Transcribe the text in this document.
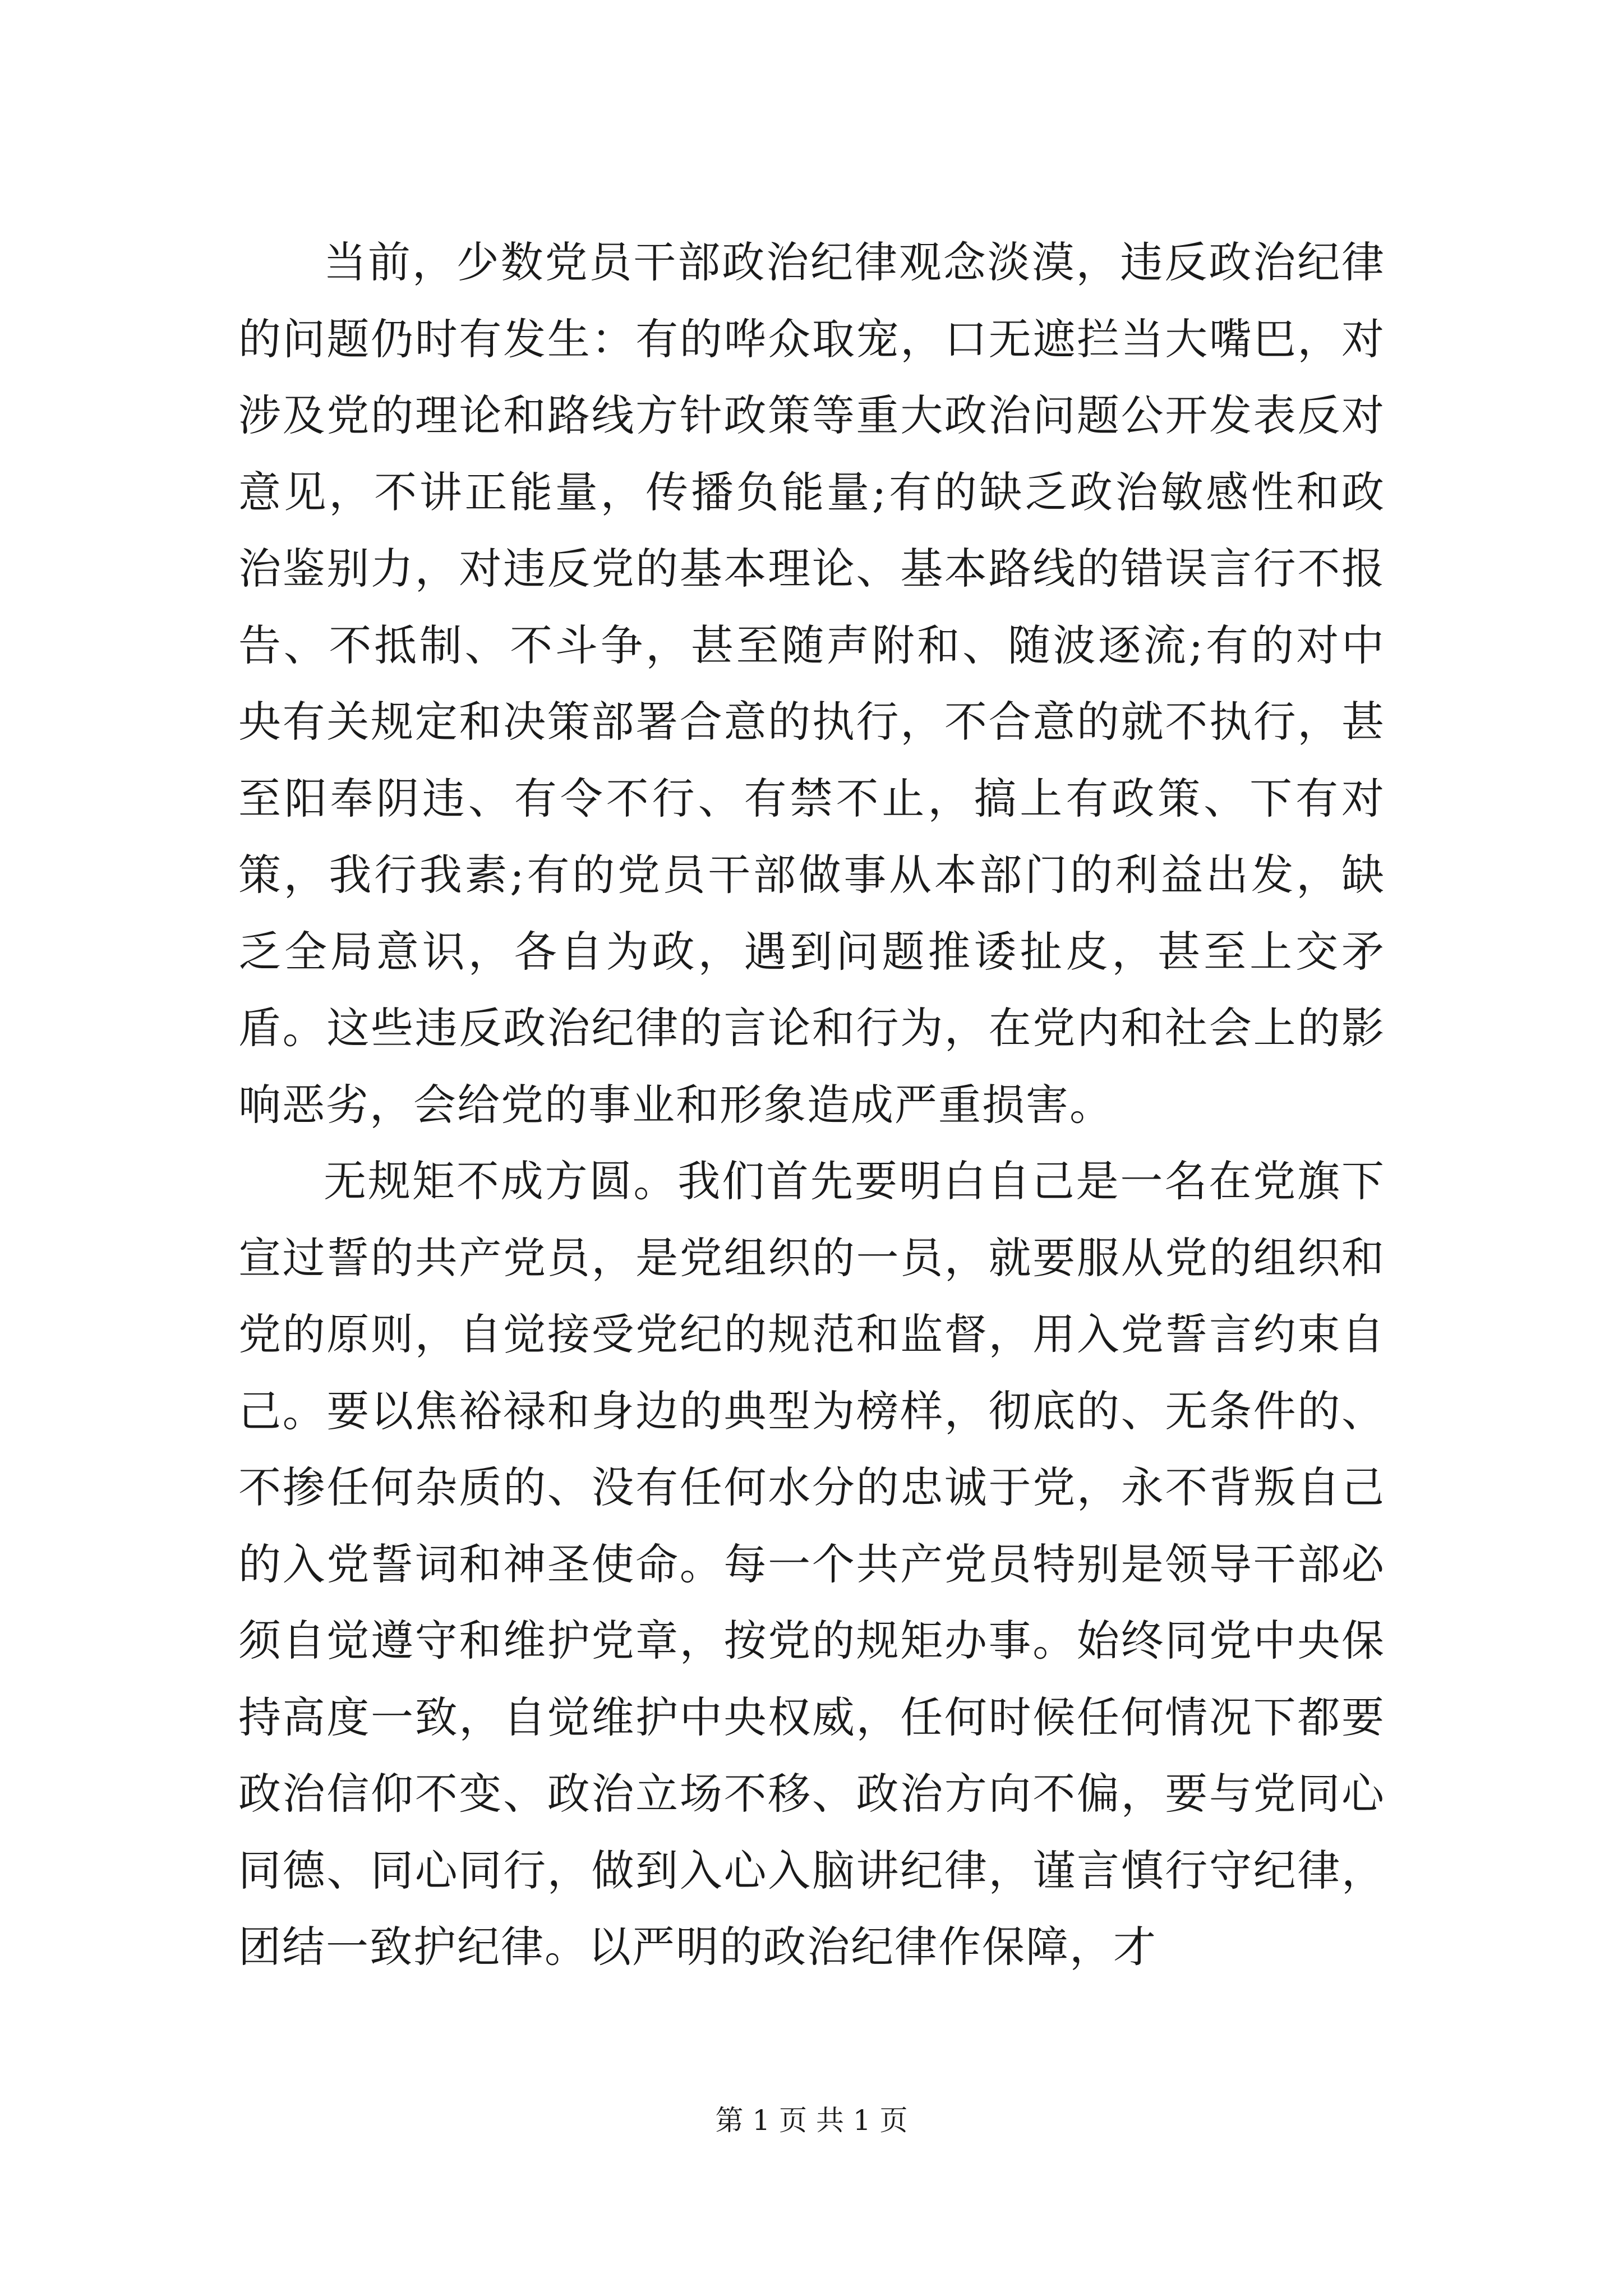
当前，少数党员干部政治纪律观念淡漠，违反政治纪律的问题仍时有发生：有的哗众取宠，口无遮拦当大嘴巴，对涉及党的理论和路线方针政策等重大政治问题公开发表反对意见，不讲正能量，传播负能量;有的缺乏政治敏感性和政治鉴别力，对违反党的基本理论、基本路线的错误言行不报告、不抵制、不斗争，甚至随声附和、随波逐流;有的对中央有关规定和决策部署合意的执行，不合意的就不执行，甚至阳奉阴违、有令不行、有禁不止，搞上有政策、下有对策，我行我素;有的党员干部做事从本部门的利益出发，缺乏全局意识，各自为政，遇到问题推诿扯皮，甚至上交矛盾。这些违反政治纪律的言论和行为，在党内和社会上的影响恶劣，会给党的事业和形象造成严重损害。

无规矩不成方圆。我们首先要明白自己是一名在党旗下宣过誓的共产党员，是党组织的一员，就要服从党的组织和党的原则，自觉接受党纪的规范和监督，用入党誓言约束自己。要以焦裕禄和身边的典型为榜样，彻底的、无条件的、不掺任何杂质的、没有任何水分的忠诚于党，永不背叛自己的入党誓词和神圣使命。每一个共产党员特别是领导干部必须自觉遵守和维护党章，按党的规矩办事。始终同党中央保持高度一致，自觉维护中央权威，任何时候任何情况下都要政治信仰不变、政治立场不移、政治方向不偏，要与党同心同德、同心同行，做到入心入脑讲纪律，谨言慎行守纪律，团结一致护纪律。以严明的政治纪律作保障，才

第 1 页 共 1 页
